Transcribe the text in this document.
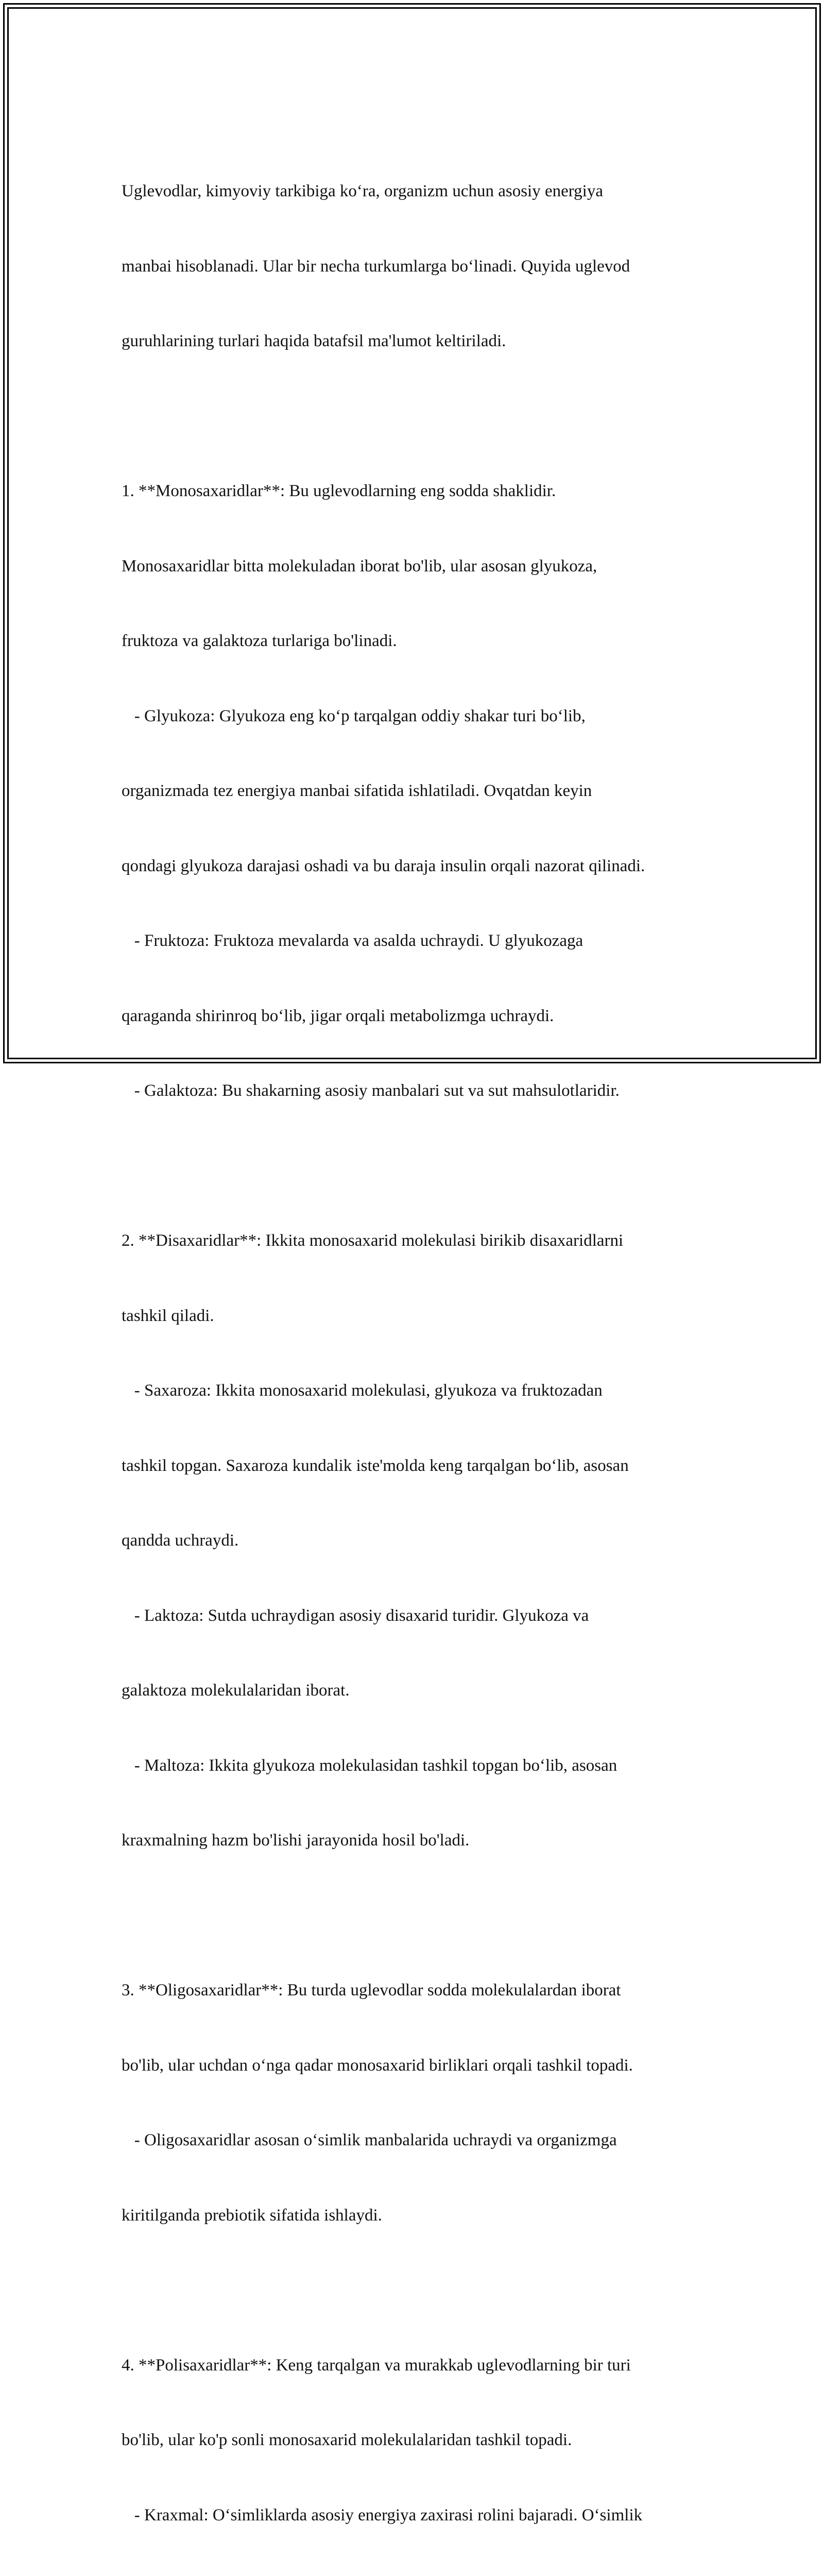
Uglevodlar, kimyoviy tarkibiga ko‘ra, organizm uchun asosiy energiya

manbai hisoblanadi. Ular bir necha turkumlarga bo‘linadi. Quyida uglevod

guruhlarining turlari haqida batafsil ma'lumot keltiriladi.

1. **Monosaxaridlar**: Bu uglevodlarning eng sodda shaklidir.

Monosaxaridlar bitta molekuladan iborat bo'lib, ular asosan glyukoza,

fruktoza va galaktoza turlariga bo'linadi.

- Glyukoza: Glyukoza eng ko‘p tarqalgan oddiy shakar turi bo‘lib,

organizmada tez energiya manbai sifatida ishlatiladi. Ovqatdan keyin

qondagi glyukoza darajasi oshadi va bu daraja insulin orqali nazorat qilinadi.

- Fruktoza: Fruktoza mevalarda va asalda uchraydi. U glyukozaga

qaraganda shirinroq bo‘lib, jigar orqali metabolizmga uchraydi.

- Galaktoza: Bu shakarning asosiy manbalari sut va sut mahsulotlaridir.

2. **Disaxaridlar**: Ikkita monosaxarid molekulasi birikib disaxaridlarni

tashkil qiladi.

- Saxaroza: Ikkita monosaxarid molekulasi, glyukoza va fruktozadan

tashkil topgan. Saxaroza kundalik iste'molda keng tarqalgan bo‘lib, asosan

qandda uchraydi.

- Laktoza: Sutda uchraydigan asosiy disaxarid turidir. Glyukoza va

galaktoza molekulalaridan iborat.

- Maltoza: Ikkita glyukoza molekulasidan tashkil topgan bo‘lib, asosan

kraxmalning hazm bo'lishi jarayonida hosil bo'ladi.

3. **Oligosaxaridlar**: Bu turda uglevodlar sodda molekulalardan iborat

bo'lib, ular uchdan o‘nga qadar monosaxarid birliklari orqali tashkil topadi.

- Oligosaxaridlar asosan o‘simlik manbalarida uchraydi va organizmga

kiritilganda prebiotik sifatida ishlaydi.

4. **Polisaxaridlar**: Keng tarqalgan va murakkab uglevodlarning bir turi

bo'lib, ular ko'p sonli monosaxarid molekulalaridan tashkil topadi.

- Kraxmal: O‘simliklarda asosiy energiya zaxirasi rolini bajaradi. O‘simlik
